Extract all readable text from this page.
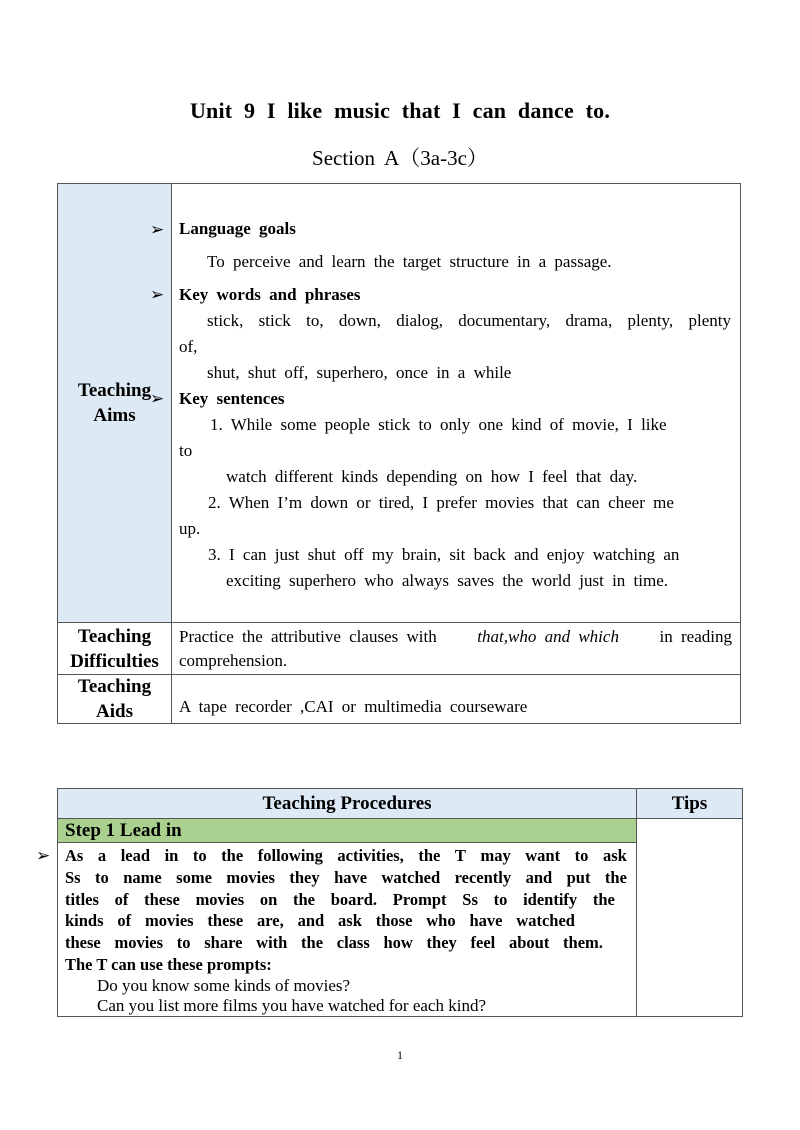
Unit 9 I like music that I can dance to.
Section A（3a-3c）
Teaching Aims
Teaching Difficulties
Teaching Aids
➢ Language goals
To perceive and learn the target structure in a passage.
➢ Key words and phrases
stick, stick to, down, dialog, documentary, drama, plenty, plenty
of,
shut, shut off, superhero, once in a while
➢ Key sentences
1. While some people stick to only one kind of movie, I like
to
watch different kinds depending on how I feel that day.
2. When I’m down or tired, I prefer movies that can cheer me
up.
3. I can just shut off my brain, sit back and enjoy watching an
exciting superhero who always saves the world just in time.
Practice the attributive clauses with that,who and which in reading
comprehension.
A tape recorder ,CAI or multimedia courseware
Teaching Procedures	Tips
Step 1 Lead in
➢ As a lead in to the following activities, the T may want to ask
Ss to name some movies they have watched recently and put the
titles of these movies on the board. Prompt Ss to identify the
kinds of movies these are, and ask those who have watched
these movies to share with the class how they feel about them.
The T can use these prompts:
Do you know some kinds of movies?
Can you list more films you have watched for each kind?
1
